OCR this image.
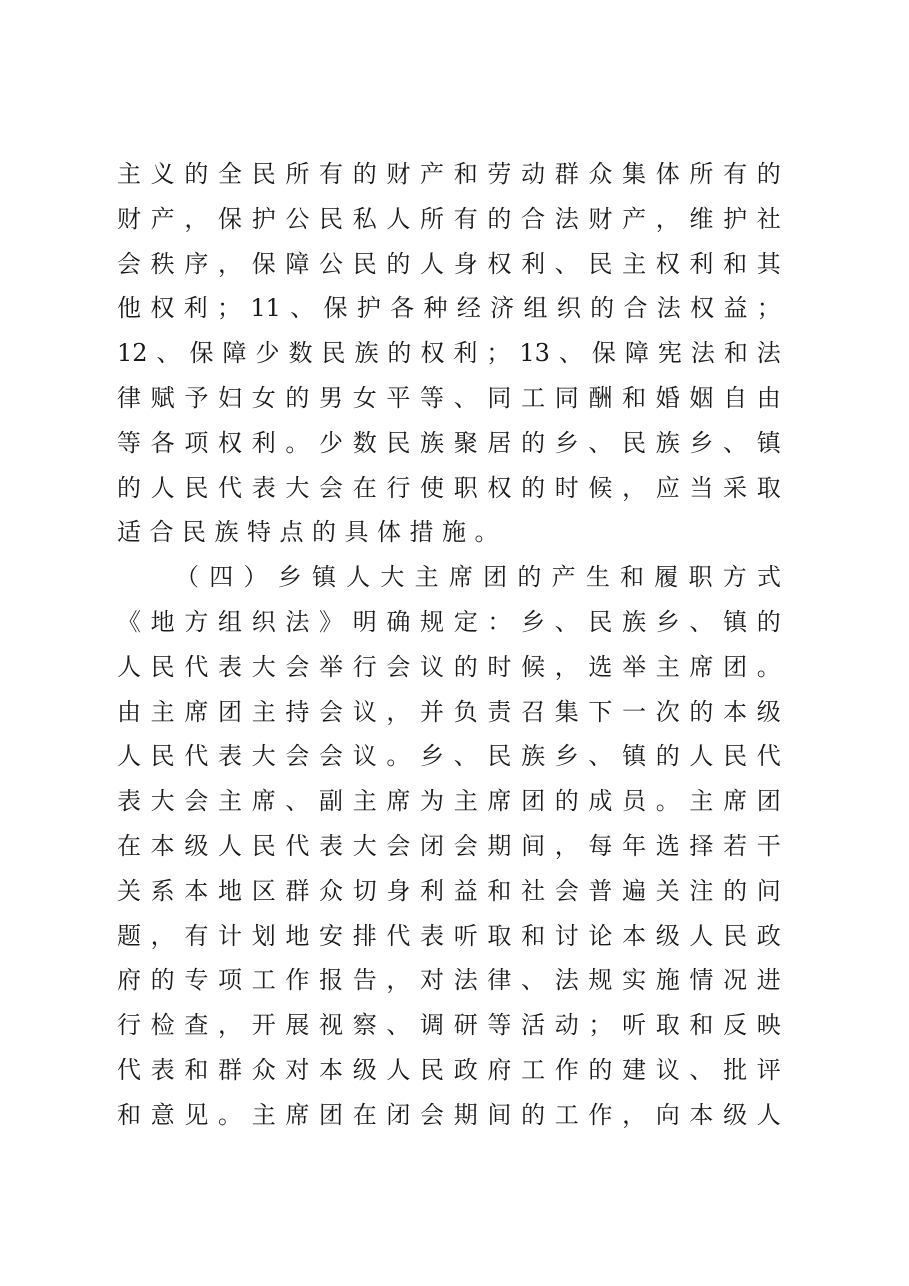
主 义 的 全 民 所 有 的 财 产 和 劳 动 群 众 集 体 所 有 的
财 产 ， 保 护 公 民 私 人 所 有 的 合 法 财 产 ， 维 护 社
会 秩 序 ， 保 障 公 民 的 人 身 权 利 、 民 主 权 利 和 其
他 权 利 ； 11 、 保 护 各 种 经 济 组 织 的 合 法 权 益 ；
12 、 保 障 少 数 民 族 的 权 利 ； 13 、 保 障 宪 法 和 法
律 赋 予 妇 女 的 男 女 平 等 、 同 工 同 酬 和 婚 姻 自 由
等 各 项 权 利 。 少 数 民 族 聚 居 的 乡 、 民 族 乡 、 镇
的 人 民 代 表 大 会 在 行 使 职 权 的 时 候 ， 应 当 采 取
适合民族特点的具体措施。
（ 四 ） 乡 镇 人 大 主 席 团 的 产 生 和 履 职 方 式
《 地 方 组 织 法 》 明 确 规 定 ： 乡 、 民 族 乡 、 镇 的
人 民 代 表 大 会 举 行 会 议 的 时 候 ， 选 举 主 席 团 。
由 主 席 团 主 持 会 议 ， 并 负 责 召 集 下 一 次 的 本 级
人 民 代 表 大 会 会 议 。 乡 、 民 族 乡 、 镇 的 人 民 代
表 大 会 主 席 、 副 主 席 为 主 席 团 的 成 员 。 主 席 团
在 本 级 人 民 代 表 大 会 闭 会 期 间 ， 每 年 选 择 若 干
关 系 本 地 区 群 众 切 身 利 益 和 社 会 普 遍 关 注 的 问
题 ， 有 计 划 地 安 排 代 表 听 取 和 讨 论 本 级 人 民 政
府 的 专 项 工 作 报 告 ， 对 法 律 、 法 规 实 施 情 况 进
行 检 查 ， 开 展 视 察 、 调 研 等 活 动 ； 听 取 和 反 映
代 表 和 群 众 对 本 级 人 民 政 府 工 作 的 建 议 、 批 评
和 意 见 。 主 席 团 在 闭 会 期 间 的 工 作 ， 向 本 级 人
